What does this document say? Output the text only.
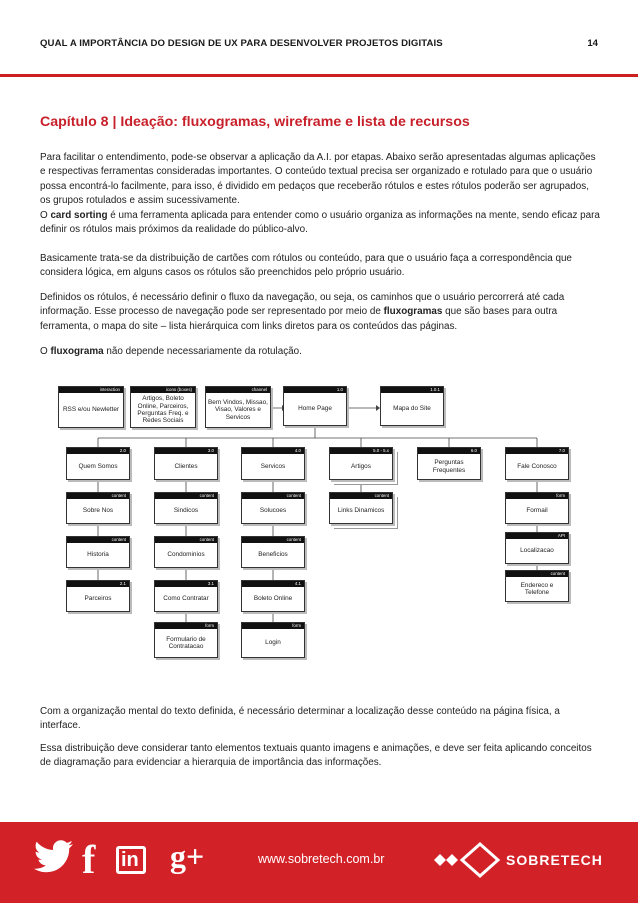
QUAL A IMPORTÂNCIA DO DESIGN DE UX PARA DESENVOLVER PROJETOS DIGITAIS	14
Capítulo 8 | Ideação: fluxogramas, wireframe e lista de recursos

Para facilitar o entendimento, pode-se observar a aplicação da A.I. por etapas. Abaixo serão apresentadas algumas aplicações e respectivas ferramentas consideradas importantes. O conteúdo textual precisa ser organizado e rotulado para que o usuário possa encontrá-lo facilmente, para isso, é dividido em pedaços que receberão rótulos e estes rótulos poderão ser agrupados, os grupos rotulados e assim sucessivamente.

O card sorting é uma ferramenta aplicada para entender como o usuário organiza as informações na mente, sendo eficaz para definir os rótulos mais próximos da realidade do público-alvo.

Basicamente trata-se da distribuição de cartões com rótulos ou conteúdo, para que o usuário faça a correspondência que considera lógica, em alguns casos os rótulos são preenchidos pelo próprio usuário.

Definidos os rótulos, é necessário definir o fluxo da navegação, ou seja, os caminhos que o usuário percorrerá até cada informação. Esse processo de navegação pode ser representado por meio de fluxogramas que são bases para outra ferramenta, o mapa do site – lista hierárquica com links diretos para os conteúdos das páginas.

O fluxograma não depende necessariamente da rotulação.

interaction
RSS e/ou Newletter
icons (boxes)
Artigos, Boleto Online, Parceiros, Perguntas Freq. e Redes Sociais
channel
Bem Vindos, Missao, Visao, Valores e Servicos
1.0
Home Page
1.0.1
Mapa do Site
2.0
Quem Somos
3.0
Clientes
4.0
Servicos
5.0 - 5.x
Artigos
6.0
Perguntas Frequentes
7.0
Fale Conosco
content
Sobre Nos
content
Historia
2.1
Parceiros
content
Sindicos
content
Condominios
3.1
Como Contratar
form
Formulario de Contratacao
content
Solucoes
content
Beneficios
4.1
Boleto Online
form
Login
content
Links Dinamicos
form
Formail
API
Localizacao
content
Endereco e Telefone

Com a organização mental do texto definida, é necessário determinar a localização desse conteúdo na página física, a interface.

Essa distribuição deve considerar tanto elementos textuais quanto imagens e animações, e deve ser feita aplicando conceitos de diagramação para evidenciar a hierarquia de importância das informações.

f in g+	www.sobretech.com.br	SOBRETECH
